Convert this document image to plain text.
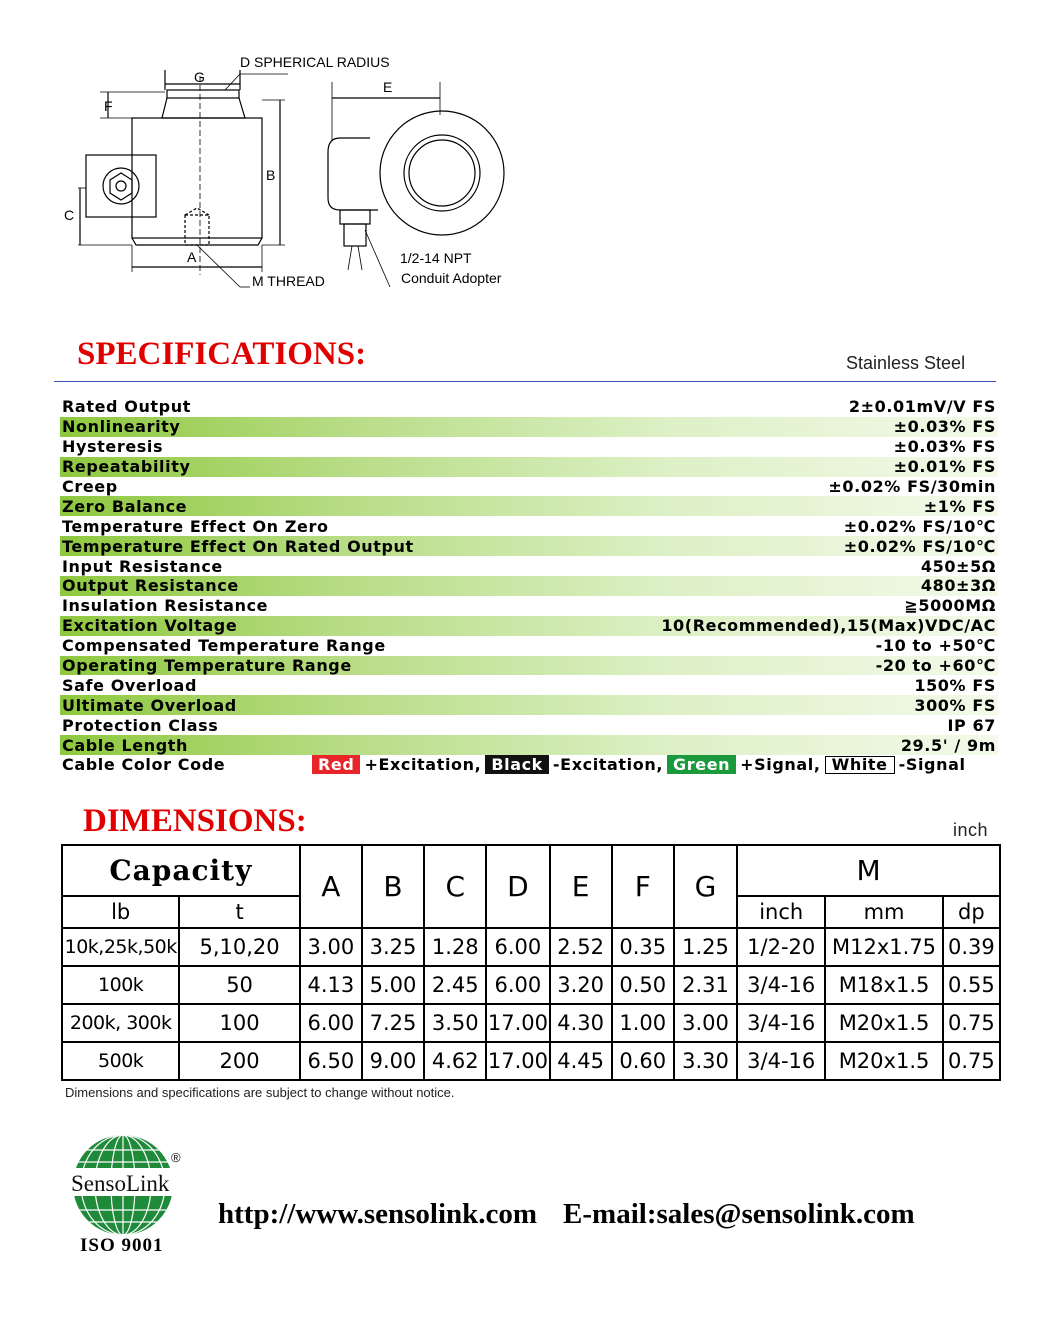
D SPHERICAL RADIUS
G
F
B
C
A
M THREAD
E
1/2-14 NPT
Conduit Adopter
SPECIFICATIONS:	Stainless Steel
Rated Output	2±0.01mV/V FS
Nonlinearity	±0.03% FS
Hysteresis	±0.03% FS
Repeatability	±0.01% FS
Creep	±0.02% FS/30min
Zero Balance	±1% FS
Temperature Effect On Zero	±0.02% FS/10℃
Temperature Effect On Rated Output	±0.02% FS/10℃
Input Resistance	450±5Ω
Output Resistance	480±3Ω
Insulation Resistance	≧5000MΩ
Excitation Voltage	10(Recommended),15(Max)VDC/AC
Compensated Temperature Range	-10 to +50℃
Operating Temperature Range	-20 to +60℃
Safe Overload	150% FS
Ultimate Overload	300% FS
Protection Class	IP 67
Cable Length	29.5' / 9m
Cable Color Code	Red +Excitation, Black -Excitation, Green +Signal, White -Signal
DIMENSIONS:	inch
Capacity		A	B	C	D	E	F	G	M		
lb	t								inch	mm	dp
10k,25k,50k	5,10,20	3.00	3.25	1.28	6.00	2.52	0.35	1.25	1/2-20	M12x1.75	0.39
100k	50	4.13	5.00	2.45	6.00	3.20	0.50	2.31	3/4-16	M18x1.5	0.55
200k, 300k	100	6.00	7.25	3.50	17.00	4.30	1.00	3.00	3/4-16	M20x1.5	0.75
500k	200	6.50	9.00	4.62	17.00	4.45	0.60	3.30	3/4-16	M20x1.5	0.75
Dimensions and specifications are subject to change without notice.
SensoLink
®
ISO 9001
http://www.sensolink.com E-mail:sales@sensolink.com
